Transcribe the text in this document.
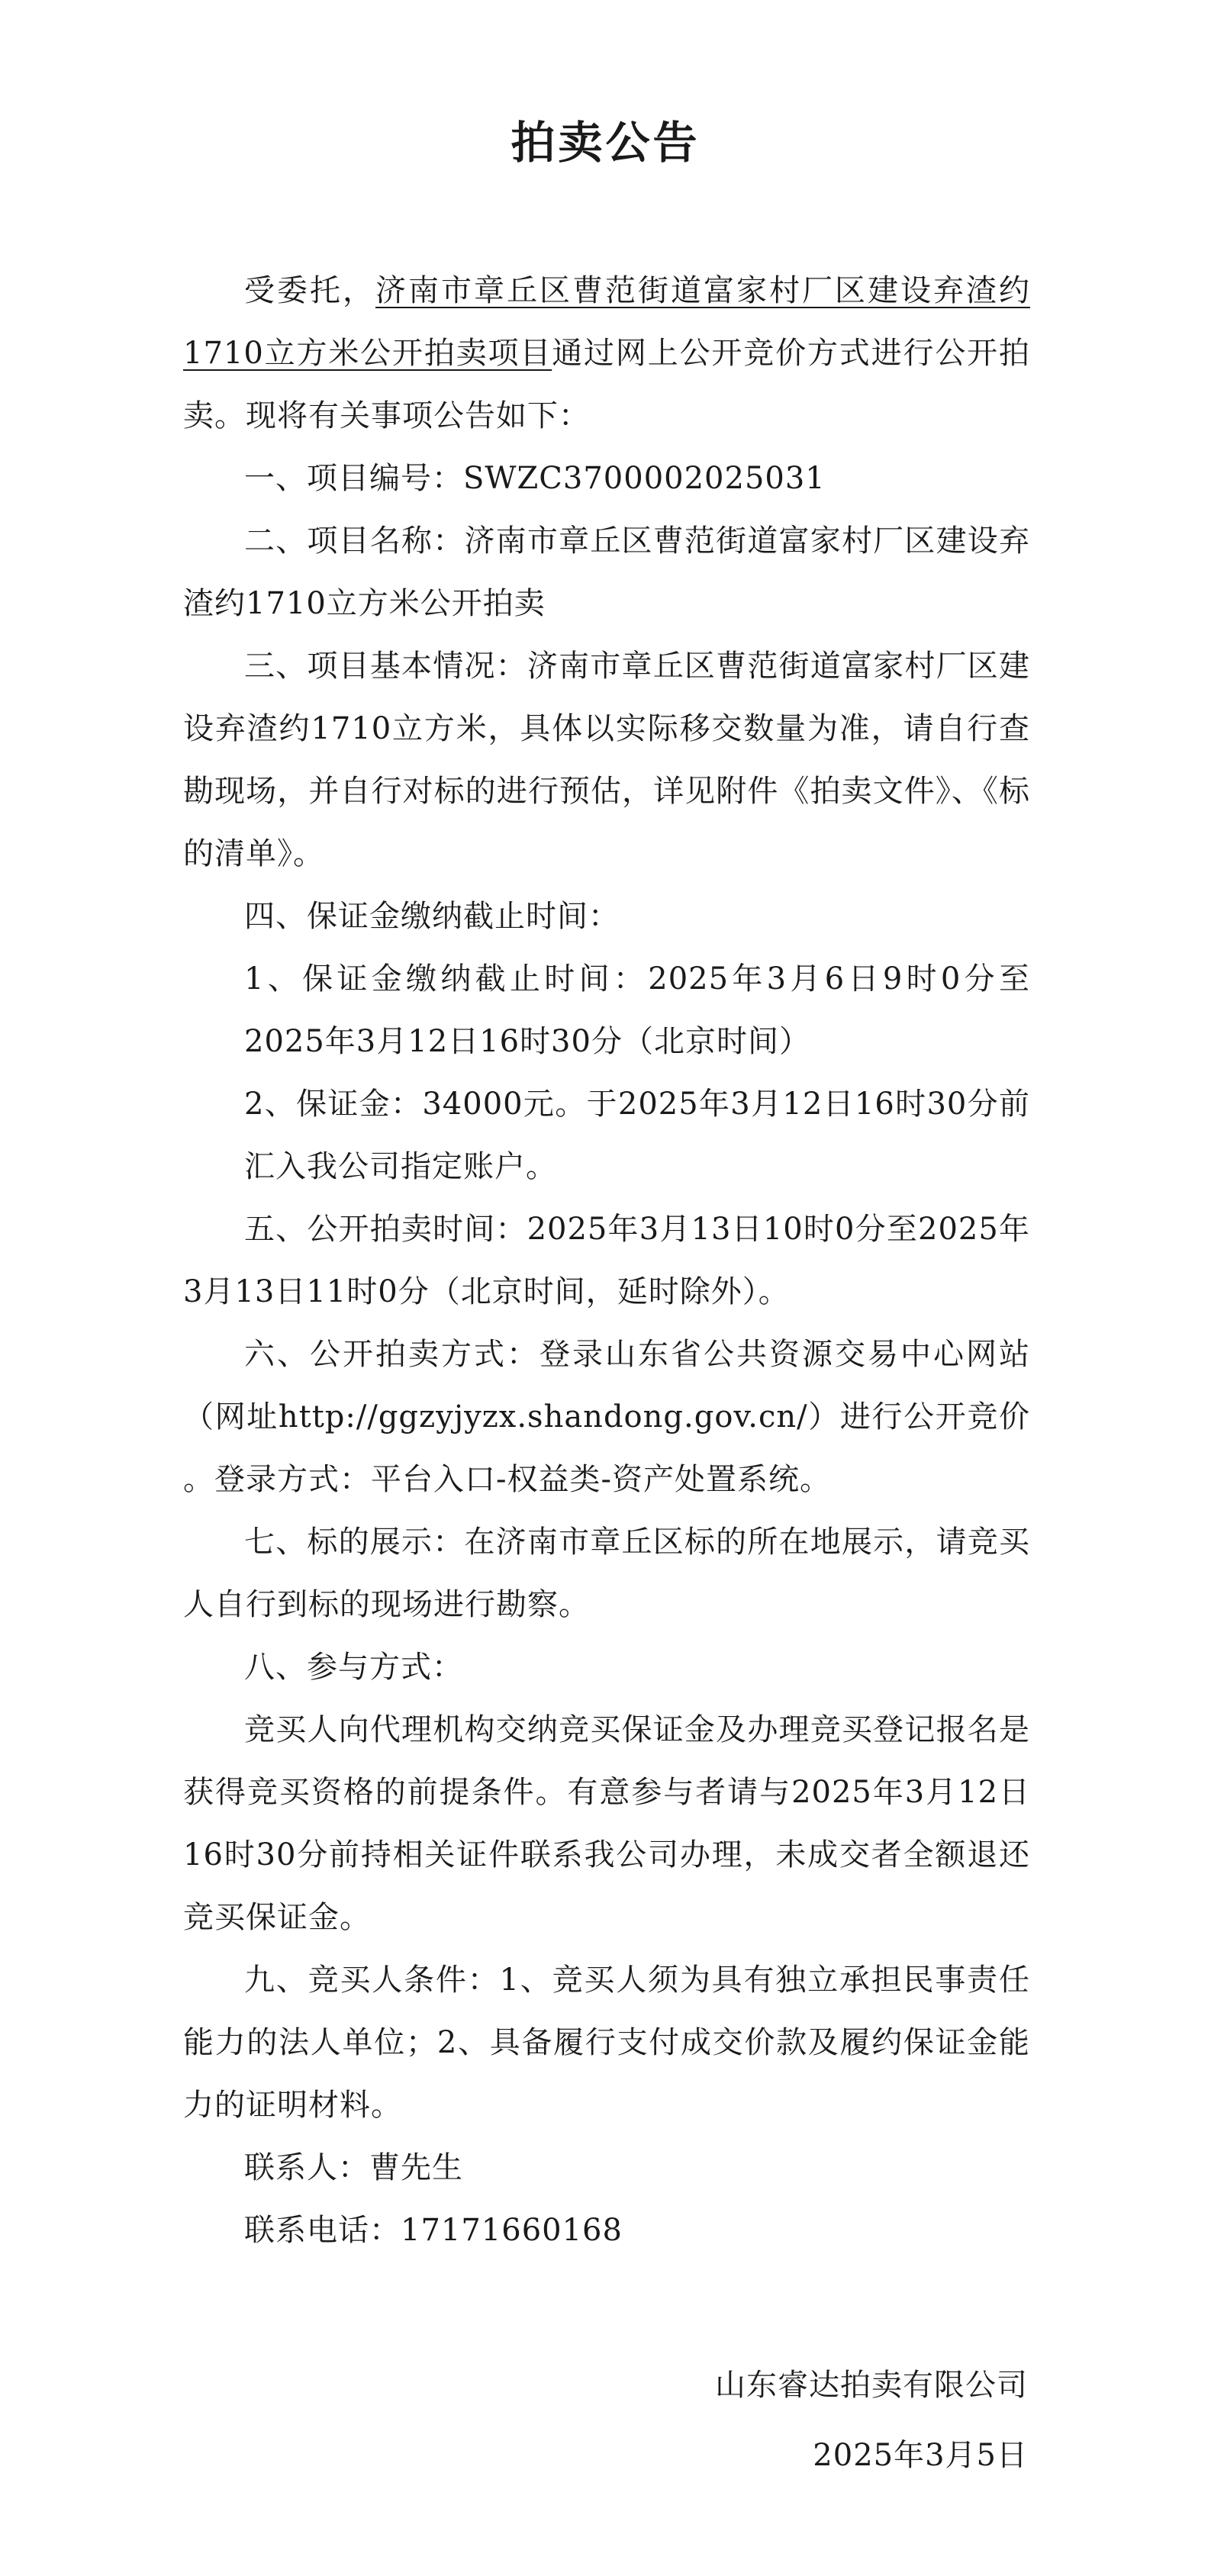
拍卖公告

受委托，济南市章丘区曹范街道富家村厂区建设弃渣约1710立方米公开拍卖项目通过网上公开竞价方式进行公开拍卖。现将有关事项公告如下：

一、项目编号：SWZC3700002025031

二、项目名称：济南市章丘区曹范街道富家村厂区建设弃渣约1710立方米公开拍卖

三、项目基本情况：济南市章丘区曹范街道富家村厂区建设弃渣约1710立方米，具体以实际移交数量为准，请自行查勘现场，并自行对标的进行预估，详见附件《拍卖文件》、《标的清单》。

四、保证金缴纳截止时间：

1、保证金缴纳截止时间：2025年3月6日9时0分至2025年3月12日16时30分（北京时间）

2、保证金：34000元。于2025年3月12日16时30分前汇入我公司指定账户。

五、公开拍卖时间：2025年3月13日10时0分至2025年3月13日11时0分（北京时间，延时除外）。

六、公开拍卖方式：登录山东省公共资源交易中心网站（网址http://ggzyjyzx.shandong.gov.cn/）进行公开竞价 。登录方式：平台入口-权益类-资产处置系统。

七、标的展示：在济南市章丘区标的所在地展示，请竞买人自行到标的现场进行勘察。

八、参与方式：

竞买人向代理机构交纳竞买保证金及办理竞买登记报名是获得竞买资格的前提条件。有意参与者请与2025年3月12日16时30分前持相关证件联系我公司办理，未成交者全额退还竞买保证金。

九、竞买人条件：1、竞买人须为具有独立承担民事责任能力的法人单位；2、具备履行支付成交价款及履约保证金能力的证明材料。

联系人：曹先生

联系电话：17171660168

山东睿达拍卖有限公司
2025年3月5日
